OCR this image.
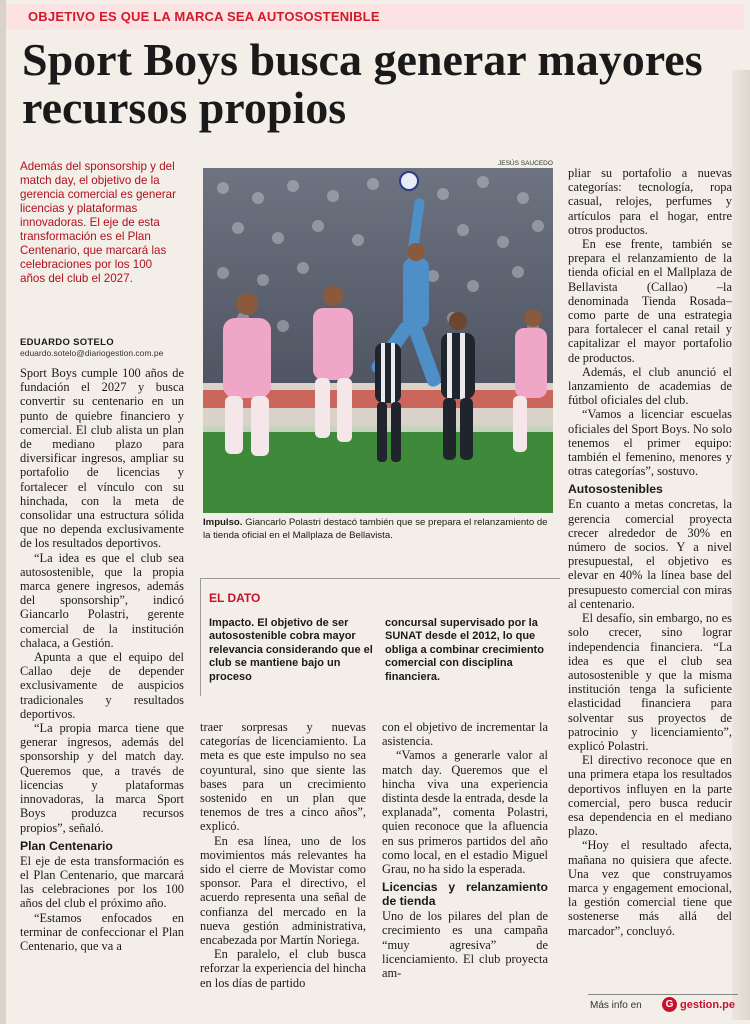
OBJETIVO ES QUE LA MARCA SEA AUTOSOSTENIBLE
Sport Boys busca generar mayores recursos propios
Además del sponsorship y del match day, el objetivo de la gerencia comercial es generar licencias y plataformas innovadoras. El eje de esta transformación es el Plan Centenario, que marcará las celebraciones por los 100 años del club el 2027.
EDUARDO SOTELO
eduardo.sotelo@diariogestion.com.pe

Sport Boys cumple 100 años de fundación el 2027 y busca convertir su centenario en un punto de quiebre financiero y comercial. El club alista un plan de mediano plazo para diversificar ingresos, ampliar su portafolio de licencias y fortalecer el vínculo con su hinchada, con la meta de consolidar una estructura sólida que no dependa exclusivamente de los resultados deportivos.

“La idea es que el club sea autosostenible, que la propia marca genere ingresos, además del sponsorship”, indicó Giancarlo Polastri, gerente comercial de la institución chalaca, a Gestión.

Apunta a que el equipo del Callao deje de depender exclusivamente de auspicios tradicionales y resultados deportivos.

“La propia marca tiene que generar ingresos, además del sponsorship y del match day. Queremos que, a través de licencias y plataformas innovadoras, la marca Sport Boys produzca recursos propios”, señaló.

Plan Centenario

El eje de esta transformación es el Plan Centenario, que marcará las celebraciones por los 100 años del club el próximo año.

“Estamos enfocados en terminar de confeccionar el Plan Centenario, que va a

JESÚS SAUCEDO
Impulso. Giancarlo Polastri destacó también que se prepara el relanzamiento de la tienda oficial en el Mallplaza de Bellavista.
EL DATO
Impacto. El objetivo de ser autosostenible cobra mayor relevancia considerando que el club se mantiene bajo un proceso
concursal supervisado por la SUNAT desde el 2012, lo que obliga a combinar crecimiento comercial con disciplina financiera.

traer sorpresas y nuevas categorías de licenciamiento. La meta es que este impulso no sea coyuntural, sino que siente las bases para un crecimiento sostenido en un plan que tenemos de tres a cinco años”, explicó.

En esa línea, uno de los movimientos más relevantes ha sido el cierre de Movistar como sponsor. Para el directivo, el acuerdo representa una señal de confianza del mercado en la nueva gestión administrativa, encabezada por Martín Noriega.

En paralelo, el club busca reforzar la experiencia del hincha en los días de partido

con el objetivo de incrementar la asistencia.

“Vamos a generarle valor al match day. Queremos que el hincha viva una experiencia distinta desde la entrada, desde la explanada”, comenta Polastri, quien reconoce que la afluencia en sus primeros partidos del año como local, en el estadio Miguel Grau, no ha sido la esperada.

Licencias y relanzamiento de tienda

Uno de los pilares del plan de crecimiento es una campaña “muy agresiva” de licenciamiento. El club proyecta am-

pliar su portafolio a nuevas categorías: tecnología, ropa casual, relojes, perfumes y artículos para el hogar, entre otros productos.

En ese frente, también se prepara el relanzamiento de la tienda oficial en el Mallplaza de Bellavista (Callao) –la denominada Tienda Rosada– como parte de una estrategia para fortalecer el canal retail y capitalizar el mayor portafolio de productos.

Además, el club anunció el lanzamiento de academias de fútbol oficiales del club.

“Vamos a licenciar escuelas oficiales del Sport Boys. No solo tenemos el primer equipo: también el femenino, menores y otras categorías”, sostuvo.

Autosostenibles

En cuanto a metas concretas, la gerencia comercial proyecta crecer alrededor de 30% en número de socios. Y a nivel presupuestal, el objetivo es elevar en 40% la línea base del presupuesto comercial con miras al centenario.

El desafío, sin embargo, no es solo crecer, sino lograr independencia financiera. “La idea es que el club sea autosostenible y que la misma institución tenga la suficiente elasticidad financiera para solventar sus proyectos de patrocinio y licenciamiento”, explicó Polastri.

El directivo reconoce que en una primera etapa los resultados deportivos influyen en la parte comercial, pero busca reducir esa dependencia en el mediano plazo.

“Hoy el resultado afecta, mañana no quisiera que afecte. Una vez que construyamos marca y engagement emocional, la gestión comercial tiene que sostenerse más allá del marcador”, concluyó.

Más info en	G gestion.pe
